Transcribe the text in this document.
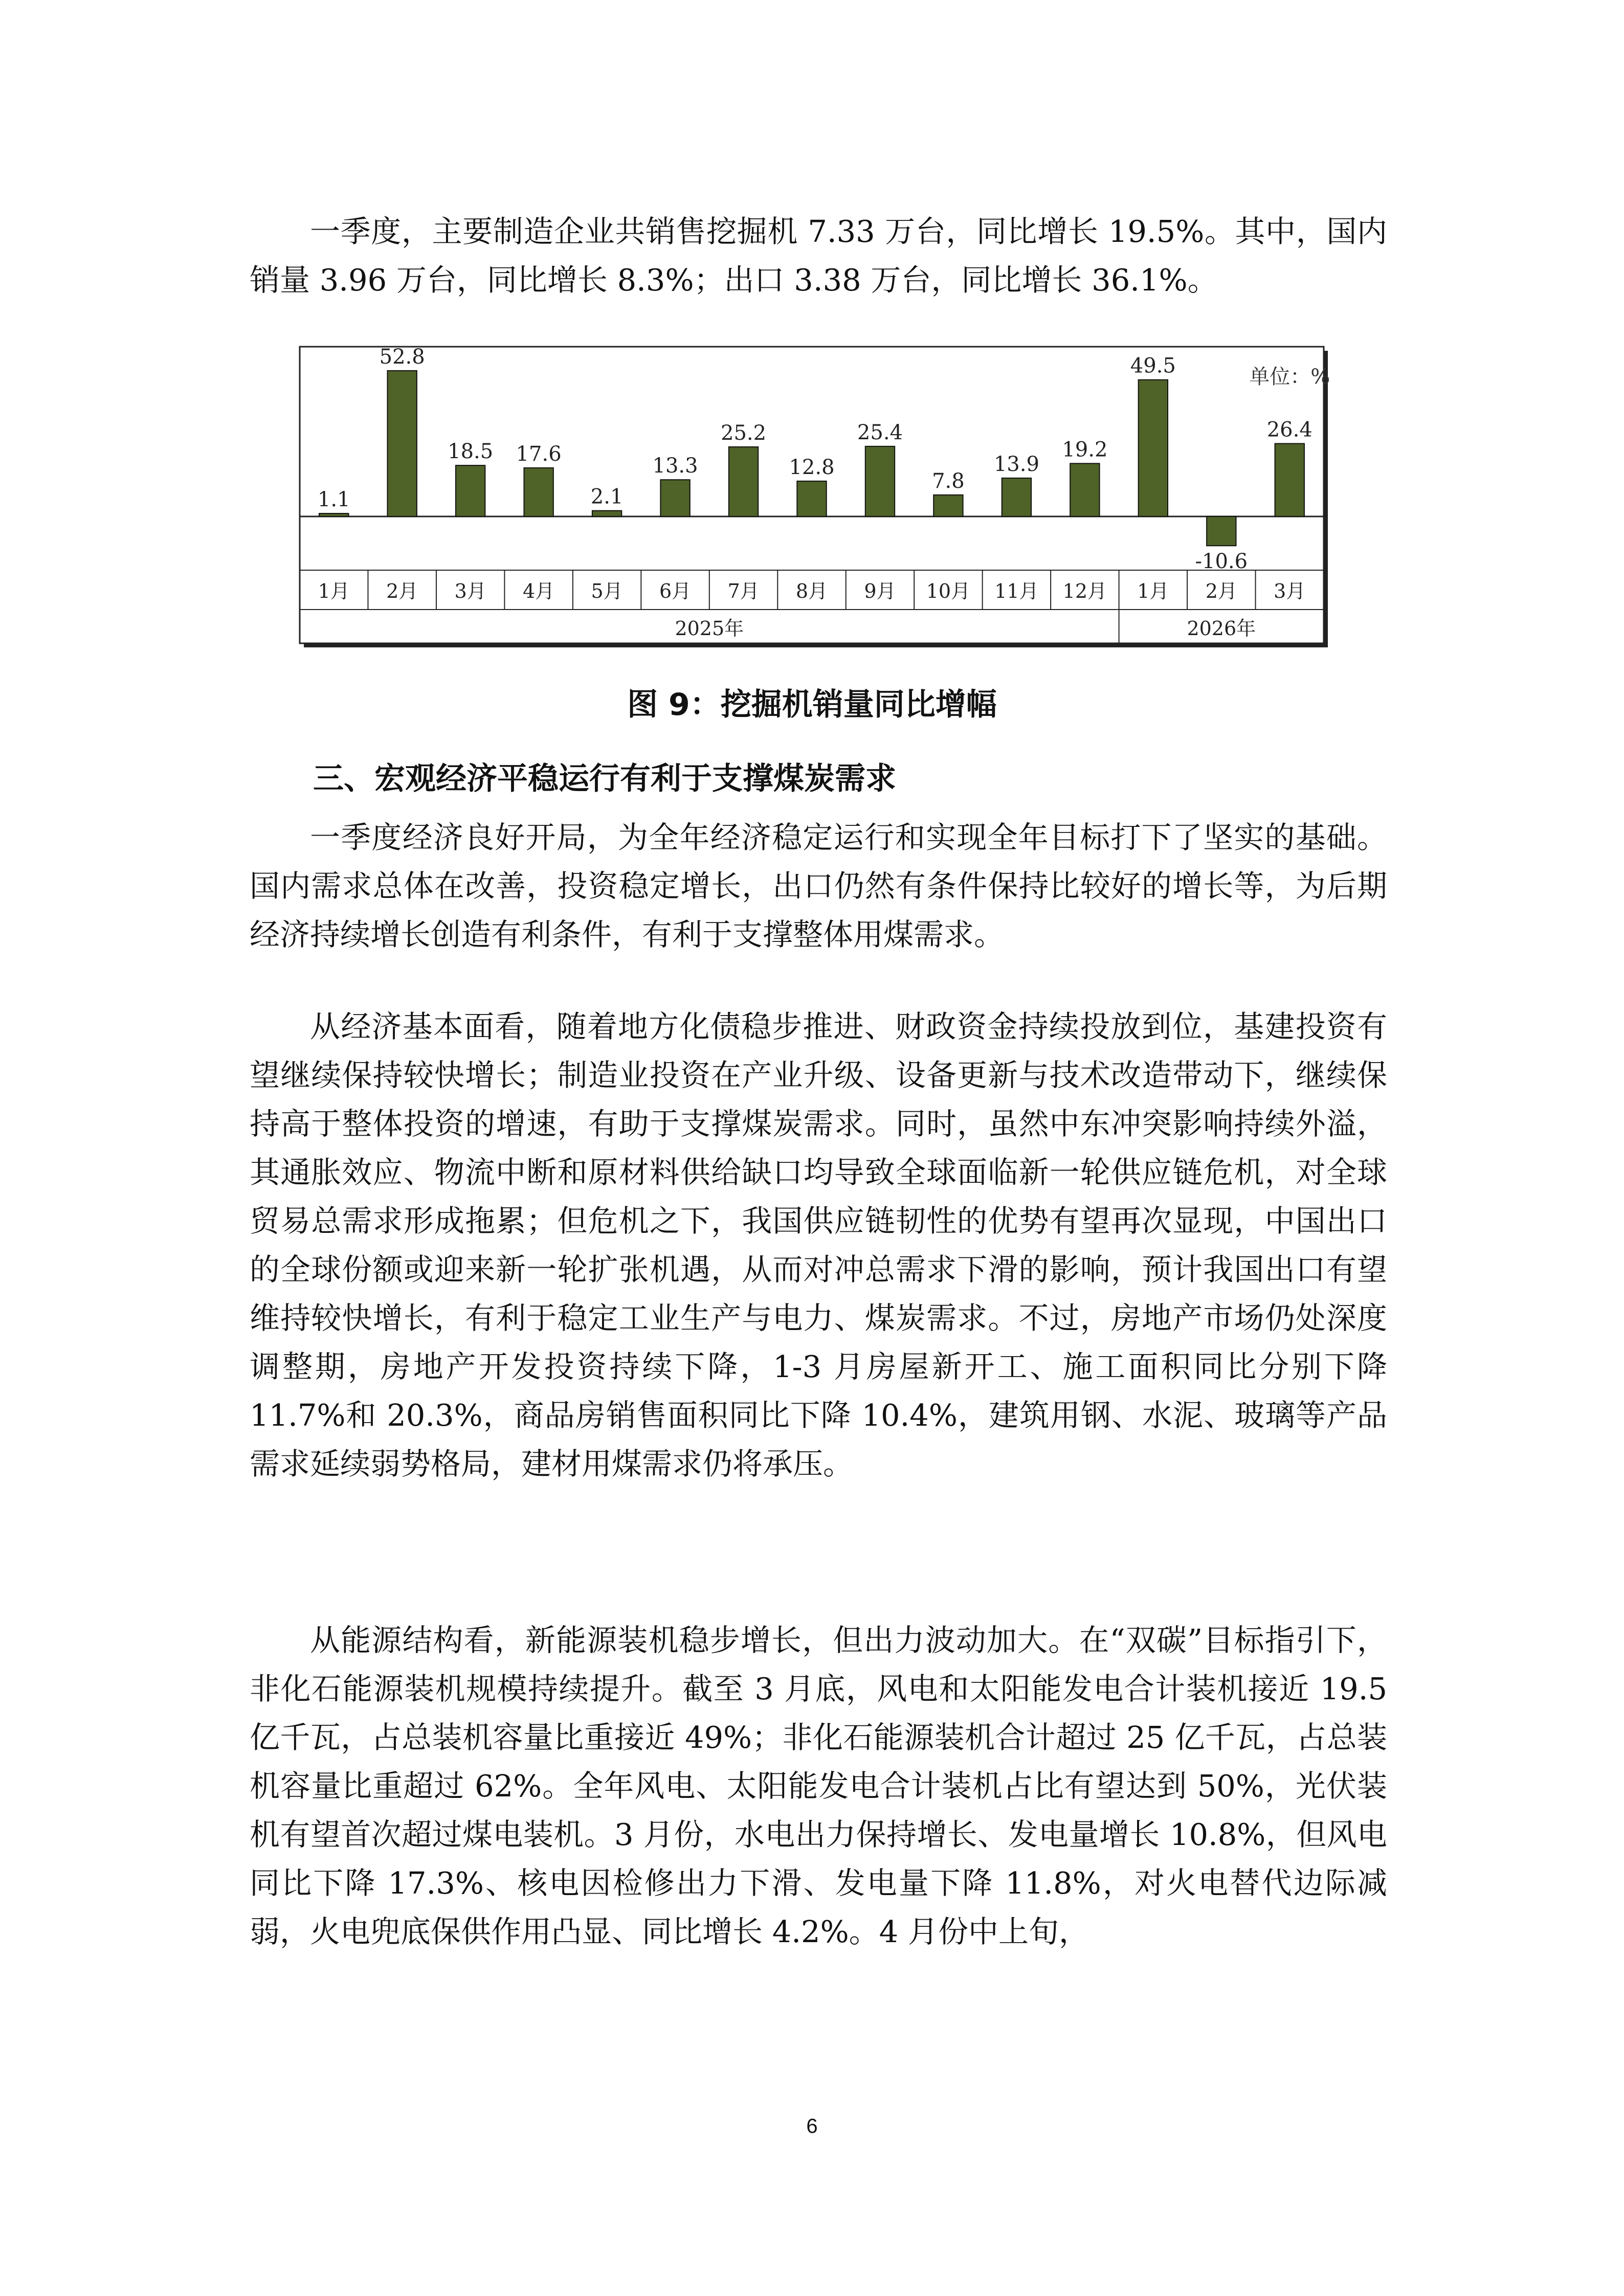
一季度，主要制造企业共销售挖掘机 7.33 万台，同比增长 19.5%。其中，国内销量 3.96 万台，同比增长 8.3%；出口 3.38 万台，同比增长 36.1%。

1.1
1月
52.8
2月
18.5
3月
17.6
4月
2.1
5月
13.3
6月
25.2
7月
12.8
8月
25.4
9月
7.8
10月
13.9
11月
19.2
12月
49.5
1月
-10.6
2月
26.4
3月
2025年	2026年
单位：%

图 9：挖掘机销量同比增幅

三、宏观经济平稳运行有利于支撑煤炭需求

一季度经济良好开局，为全年经济稳定运行和实现全年目标打下了坚实的基础。国内需求总体在改善，投资稳定增长，出口仍然有条件保持比较好的增长等，为后期经济持续增长创造有利条件，有利于支撑整体用煤需求。

从经济基本面看，随着地方化债稳步推进、财政资金持续投放到位，基建投资有望继续保持较快增长；制造业投资在产业升级、设备更新与技术改造带动下，继续保持高于整体投资的增速，有助于支撑煤炭需求。同时，虽然中东冲突影响持续外溢，其通胀效应、物流中断和原材料供给缺口均导致全球面临新一轮供应链危机，对全球贸易总需求形成拖累；但危机之下，我国供应链韧性的优势有望再次显现，中国出口的全球份额或迎来新一轮扩张机遇，从而对冲总需求下滑的影响，预计我国出口有望维持较快增长，有利于稳定工业生产与电力、煤炭需求。不过，房地产市场仍处深度调整期，房地产开发投资持续下降，1-3 月房屋新开工、施工面积同比分别下降 11.7%和 20.3%，商品房销售面积同比下降 10.4%，建筑用钢、水泥、玻璃等产品需求延续弱势格局，建材用煤需求仍将承压。

从能源结构看，新能源装机稳步增长，但出力波动加大。在“双碳”目标指引下，非化石能源装机规模持续提升。截至 3 月底，风电和太阳能发电合计装机接近 19.5 亿千瓦，占总装机容量比重接近 49%；非化石能源装机合计超过 25 亿千瓦，占总装机容量比重超过 62%。全年风电、太阳能发电合计装机占比有望达到 50%，光伏装机有望首次超过煤电装机。3 月份，水电出力保持增长、发电量增长 10.8%，但风电同比下降 17.3%、核电因检修出力下滑、发电量下降 11.8%，对火电替代边际减弱，火电兜底保供作用凸显、同比增长 4.2%。4 月份中上旬，

6
